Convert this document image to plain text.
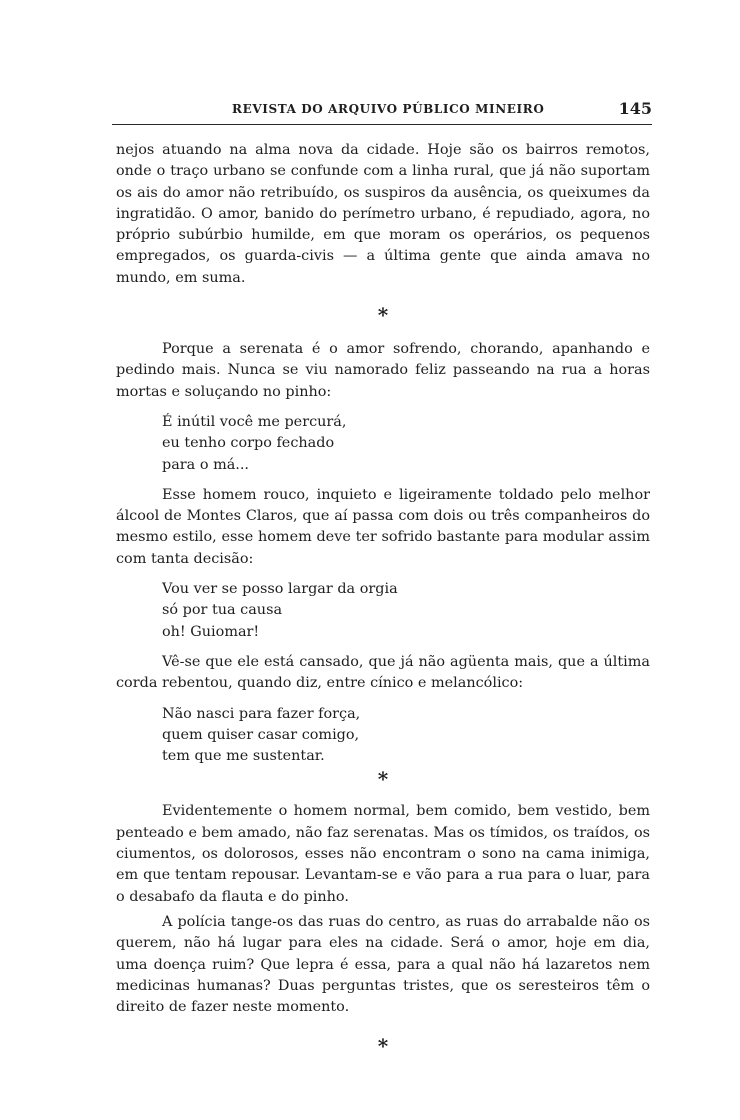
REVISTA DO ARQUIVO PÚBLICO MINEIRO	145

nejos atuando na alma nova da cidade. Hoje são os bairros remotos, onde o traço urbano se confunde com a linha rural, que já não suportam os ais do amor não retribuído, os suspiros da ausência, os queixumes da ingratidão. O amor, banido do perímetro urbano, é repudiado, agora, no próprio subúrbio humilde, em que moram os operários, os pequenos empregados, os guarda-civis — a última gente que ainda amava no mundo, em suma.

*

Porque a serenata é o amor sofrendo, chorando, apanhando e pedindo mais. Nunca se viu namorado feliz passeando na rua a horas mortas e soluçando no pinho:

É inútil você me percurá,
eu tenho corpo fechado
para o má...

Esse homem rouco, inquieto e ligeiramente toldado pelo melhor álcool de Montes Claros, que aí passa com dois ou três companheiros do mesmo estilo, esse homem deve ter sofrido bastante para modular assim com tanta decisão:

Vou ver se posso largar da orgia
só por tua causa
oh! Guiomar!

Vê-se que ele está cansado, que já não agüenta mais, que a última corda rebentou, quando diz, entre cínico e melancólico:

Não nasci para fazer força,
quem quiser casar comigo,
tem que me sustentar.
*

Evidentemente o homem normal, bem comido, bem vestido, bem penteado e bem amado, não faz serenatas. Mas os tímidos, os traídos, os ciumentos, os dolorosos, esses não encontram o sono na cama inimiga, em que tentam repousar. Levantam-se e vão para a rua para o luar, para o desabafo da flauta e do pinho.

A polícia tange-os das ruas do centro, as ruas do arrabalde não os querem, não há lugar para eles na cidade. Será o amor, hoje em dia, uma doença ruim? Que lepra é essa, para a qual não há lazaretos nem medicinas humanas? Duas perguntas tristes, que os seresteiros têm o direito de fazer neste momento.

*
